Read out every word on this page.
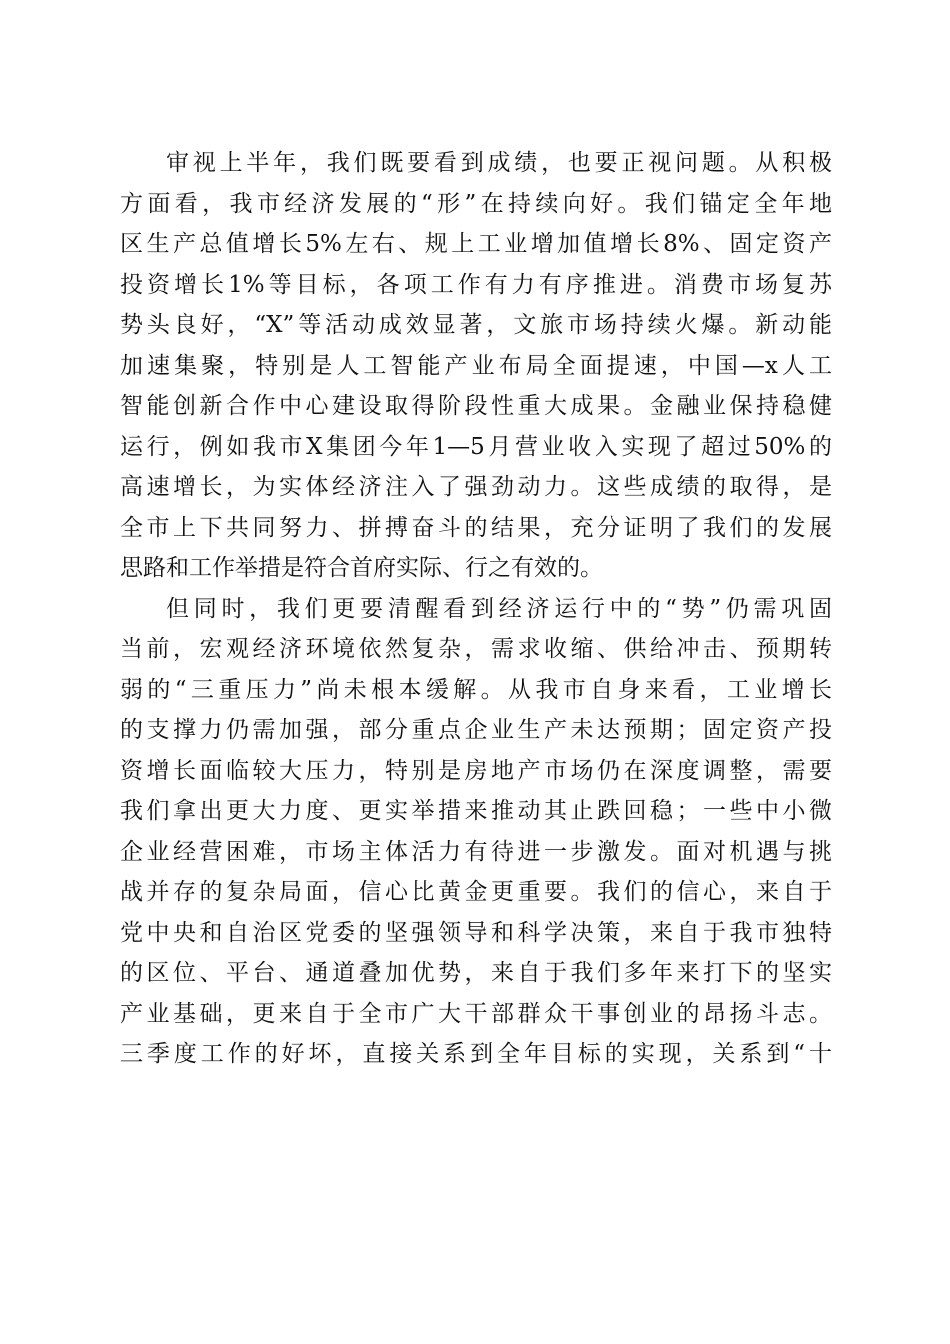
审视上半年，我们既要看到成绩，也要正视问题。从积极
方面看，我市经济发展的“形”在持续向好。我们锚定全年地
区生产总值增长5%左右、规上工业增加值增长8%、固定资产
投资增长1%等目标，各项工作有力有序推进。消费市场复苏
势头良好，“X”等活动成效显著，文旅市场持续火爆。新动能
加速集聚，特别是人工智能产业布局全面提速，中国—x人工
智能创新合作中心建设取得阶段性重大成果。金融业保持稳健
运行，例如我市X集团今年1—5月营业收入实现了超过50%的
高速增长，为实体经济注入了强劲动力。这些成绩的取得，是
全市上下共同努力、拼搏奋斗的结果，充分证明了我们的发展
思路和工作举措是符合首府实际、行之有效的。
但同时，我们更要清醒看到经济运行中的“势”仍需巩固
当前，宏观经济环境依然复杂，需求收缩、供给冲击、预期转
弱的“三重压力”尚未根本缓解。从我市自身来看，工业增长
的支撑力仍需加强，部分重点企业生产未达预期；固定资产投
资增长面临较大压力，特别是房地产市场仍在深度调整，需要
我们拿出更大力度、更实举措来推动其止跌回稳；一些中小微
企业经营困难，市场主体活力有待进一步激发。面对机遇与挑
战并存的复杂局面，信心比黄金更重要。我们的信心，来自于
党中央和自治区党委的坚强领导和科学决策，来自于我市独特
的区位、平台、通道叠加优势，来自于我们多年来打下的坚实
产业基础，更来自于全市广大干部群众干事创业的昂扬斗志。
三季度工作的好坏，直接关系到全年目标的实现，关系到“十
